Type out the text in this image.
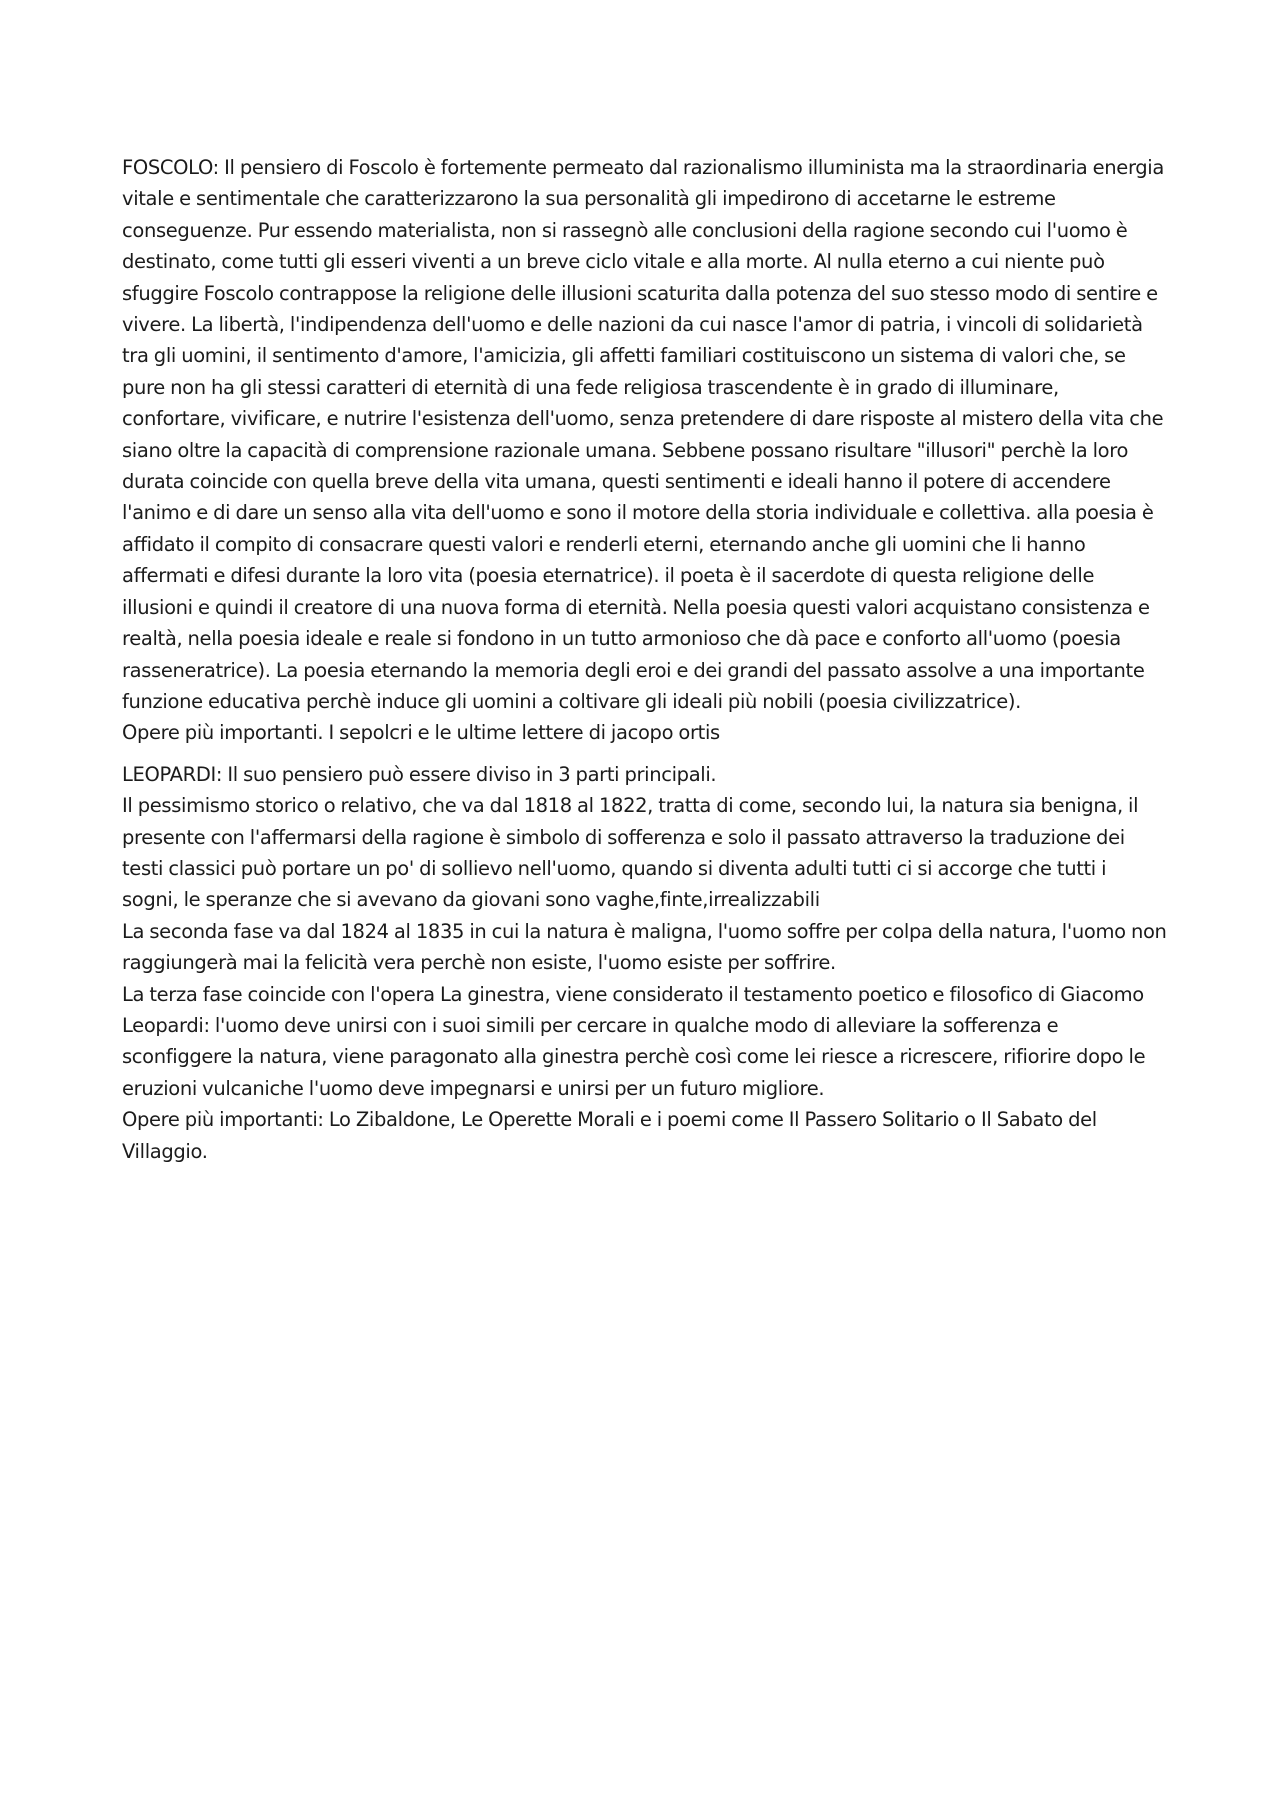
FOSCOLO: Il pensiero di Foscolo è fortemente permeato dal razionalismo illuminista ma la straordinaria energia vitale e sentimentale che caratterizzarono la sua personalità gli impedirono di accetarne le estreme conseguenze. Pur essendo materialista, non si rassegnò alle conclusioni della ragione secondo cui l'uomo è destinato, come tutti gli esseri viventi a un breve ciclo vitale e alla morte. Al nulla eterno a cui niente può sfuggire Foscolo contrappose la religione delle illusioni scaturita dalla potenza del suo stesso modo di sentire e vivere. La libertà, l'indipendenza dell'uomo e delle nazioni da cui nasce l'amor di patria, i vincoli di solidarietà tra gli uomini, il sentimento d'amore, l'amicizia, gli affetti familiari costituiscono un sistema di valori che, se pure non ha gli stessi caratteri di eternità di una fede religiosa trascendente è in grado di illuminare, confortare, vivificare, e nutrire l'esistenza dell'uomo, senza pretendere di dare risposte al mistero della vita che siano oltre la capacità di comprensione razionale umana. Sebbene possano risultare "illusori" perchè la loro durata coincide con quella breve della vita umana, questi sentimenti e ideali hanno il potere di accendere l'animo e di dare un senso alla vita dell'uomo e sono il motore della storia individuale e collettiva. alla poesia è affidato il compito di consacrare questi valori e renderli eterni, eternando anche gli uomini che li hanno affermati e difesi durante la loro vita (poesia eternatrice). il poeta è il sacerdote di questa religione delle illusioni e quindi il creatore di una nuova forma di eternità. Nella poesia questi valori acquistano consistenza e realtà, nella poesia ideale e reale si fondono in un tutto armonioso che dà pace e conforto all'uomo (poesia rasseneratrice). La poesia eternando la memoria degli eroi e dei grandi del passato assolve a una importante funzione educativa perchè induce gli uomini a coltivare gli ideali più nobili (poesia civilizzatrice).

Opere più importanti. I sepolcri e le ultime lettere di jacopo ortis

LEOPARDI: Il suo pensiero può essere diviso in 3 parti principali.

Il pessimismo storico o relativo, che va dal 1818 al 1822, tratta di come, secondo lui, la natura sia benigna, il presente con l'affermarsi della ragione è simbolo di sofferenza e solo il passato attraverso la traduzione dei testi classici può portare un po' di sollievo nell'uomo, quando si diventa adulti tutti ci si accorge che tutti i sogni, le speranze che si avevano da giovani sono vaghe,finte,irrealizzabili

La seconda fase va dal 1824 al 1835 in cui la natura è maligna, l'uomo soffre per colpa della natura, l'uomo non raggiungerà mai la felicità vera perchè non esiste, l'uomo esiste per soffrire.

La terza fase coincide con l'opera La ginestra, viene considerato il testamento poetico e filosofico di Giacomo Leopardi: l'uomo deve unirsi con i suoi simili per cercare in qualche modo di alleviare la sofferenza e sconfiggere la natura, viene paragonato alla ginestra perchè così come lei riesce a ricrescere, rifiorire dopo le eruzioni vulcaniche l'uomo deve impegnarsi e unirsi per un futuro migliore.

Opere più importanti: Lo Zibaldone, Le Operette Morali e i poemi come Il Passero Solitario o Il Sabato del Villaggio.
